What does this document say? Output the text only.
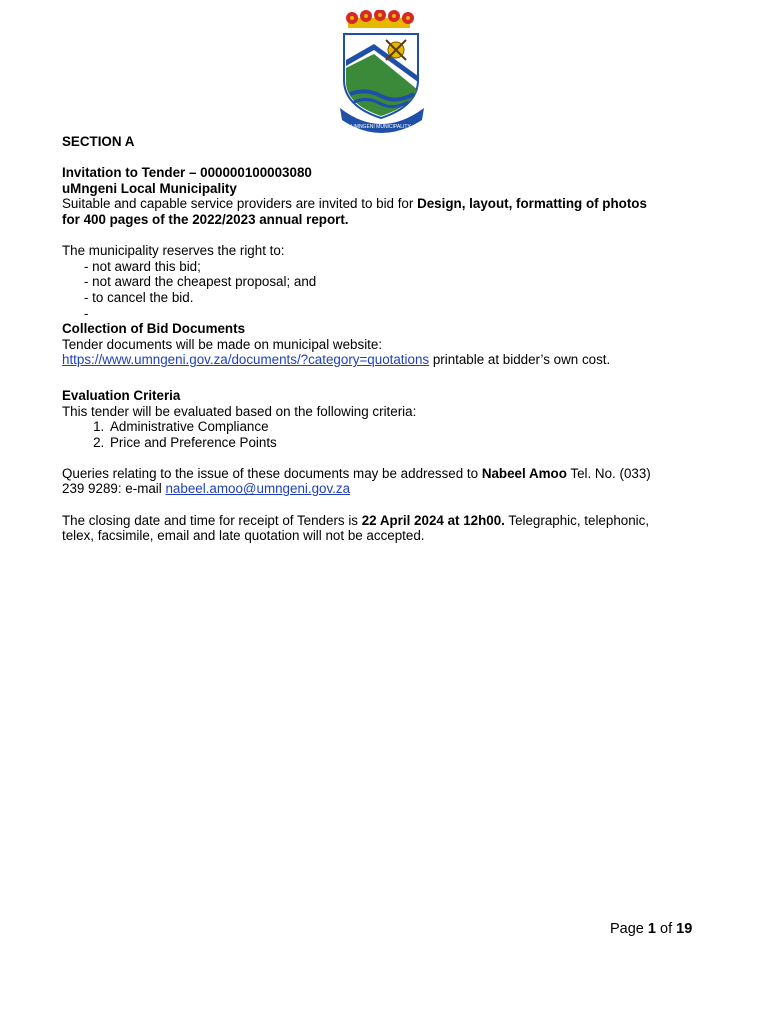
UMNGENI MUNICIPALITY
SECTION A
Invitation to Tender – 000000100003080
uMngeni Local Municipality
Suitable and capable service providers are invited to bid for Design, layout, formatting of photos
for 400 pages of the 2022/2023 annual report.
The municipality reserves the right to:
- not award this bid;
- not award the cheapest proposal; and
- to cancel the bid.
-
Collection of Bid Documents
Tender documents will be made on municipal website:
https://www.umngeni.gov.za/documents/?category=quotations printable at bidder’s own cost.
Evaluation Criteria
This tender will be evaluated based on the following criteria:
1. Administrative Compliance
2. Price and Preference Points
Queries relating to the issue of these documents may be addressed to Nabeel Amoo Tel. No. (033)
239 9289: e-mail nabeel.amoo@umngeni.gov.za
The closing date and time for receipt of Tenders is 22 April 2024 at 12h00. Telegraphic, telephonic,
telex, facsimile, email and late quotation will not be accepted.
Page 1 of 19
